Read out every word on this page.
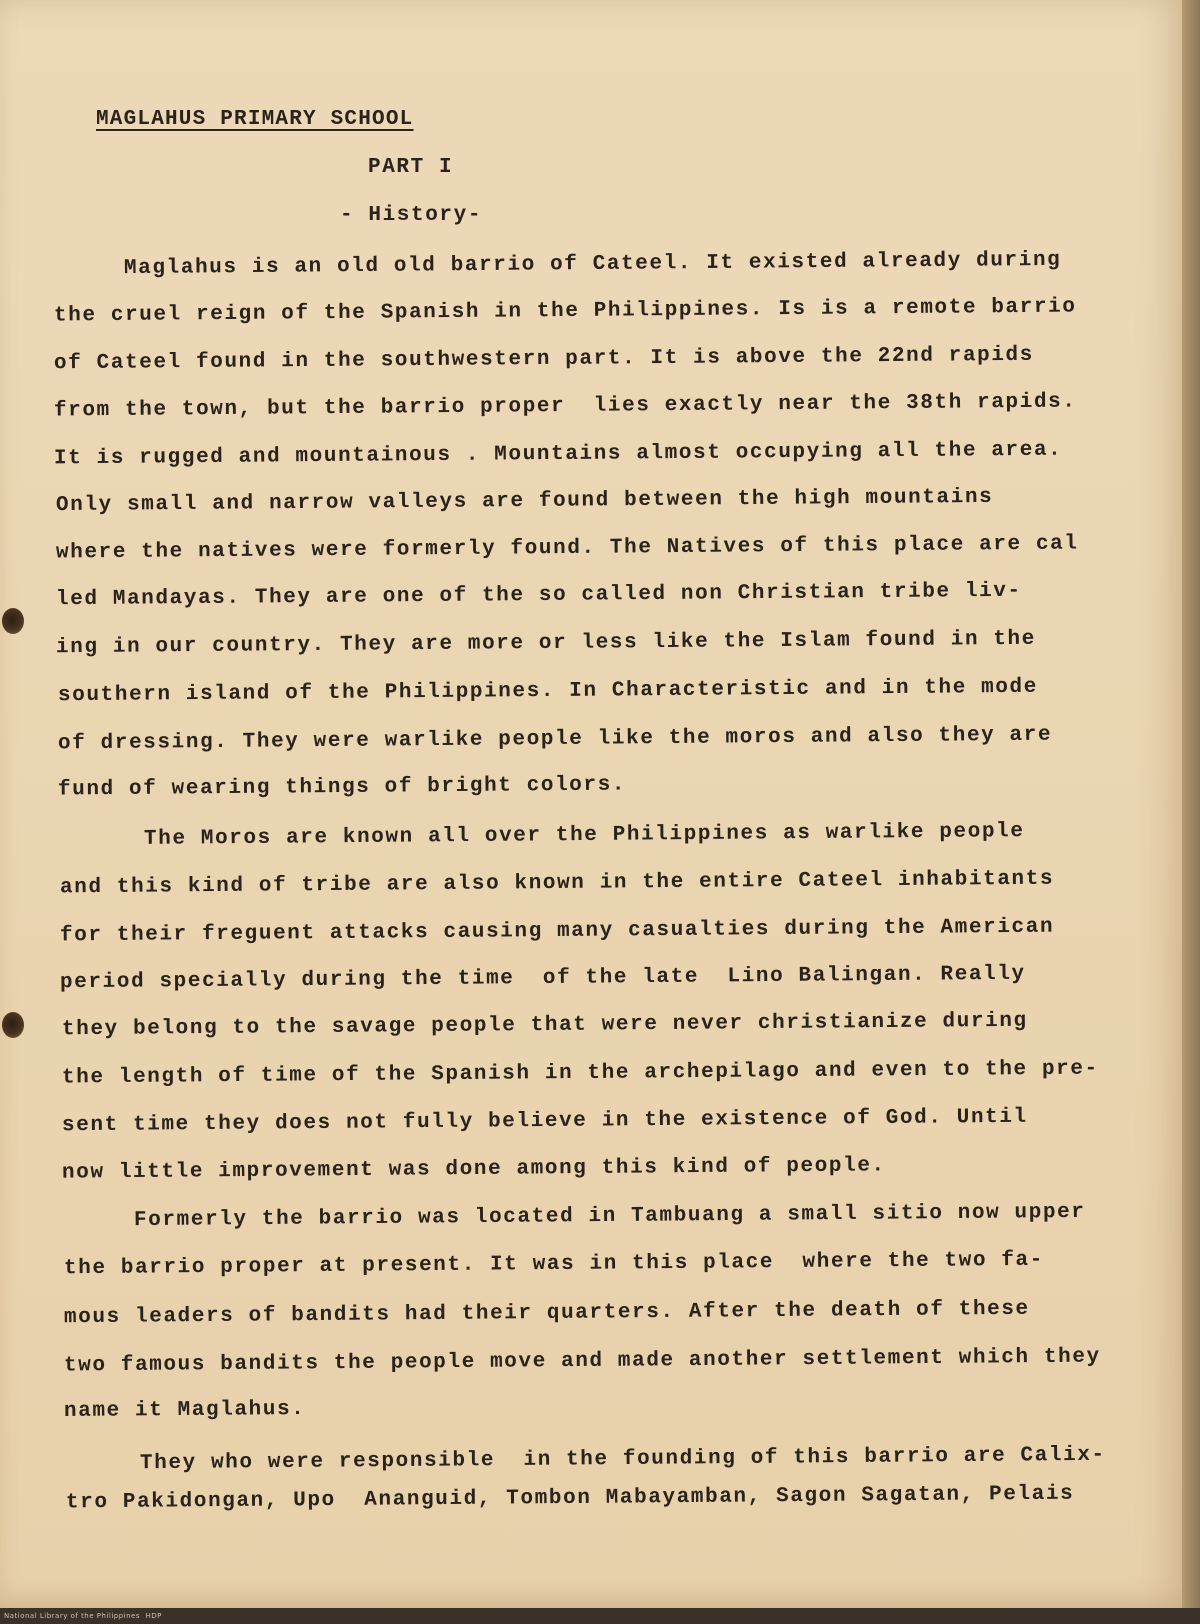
MAGLAHUS PRIMARY SCHOOL
PART I
- History-
Maglahus is an old old barrio of Cateel. It existed already during
the cruel reign of the Spanish in the Philippines. Is is a remote barrio
of Cateel found in the southwestern part. It is above the 22nd rapids
from the town, but the barrio proper  lies exactly near the 38th rapids.
It is rugged and mountainous . Mountains almost occupying all the area.
Only small and narrow valleys are found between the high mountains
where the natives were formerly found. The Natives of this place are cal
led Mandayas. They are one of the so called non Christian tribe liv-
ing in our country. They are more or less like the Islam found in the
southern island of the Philippines. In Characteristic and in the mode
of dressing. They were warlike people like the moros and also they are
fund of wearing things of bright colors.
The Moros are known all over the Philippines as warlike people
and this kind of tribe are also known in the entire Cateel inhabitants
for their freguent attacks causing many casualties during the American
period specially during the time  of the late  Lino Balingan. Really
they belong to the savage people that were never christianize during
the length of time of the Spanish in the archepilago and even to the pre-
sent time they does not fully believe in the existence of God. Until
now little improvement was done among this kind of people.
Formerly the barrio was located in Tambuang a small sitio now upper
the barrio proper at present. It was in this place  where the two fa-
mous leaders of bandits had their quarters. After the death of these
two famous bandits the people move and made another settlement which they
name it Maglahus.
They who were responsible  in the founding of this barrio are Calix-
tro Pakidongan, Upo  Ananguid, Tombon Mabayamban, Sagon Sagatan, Pelais
National Library of the Philippines  HDP
